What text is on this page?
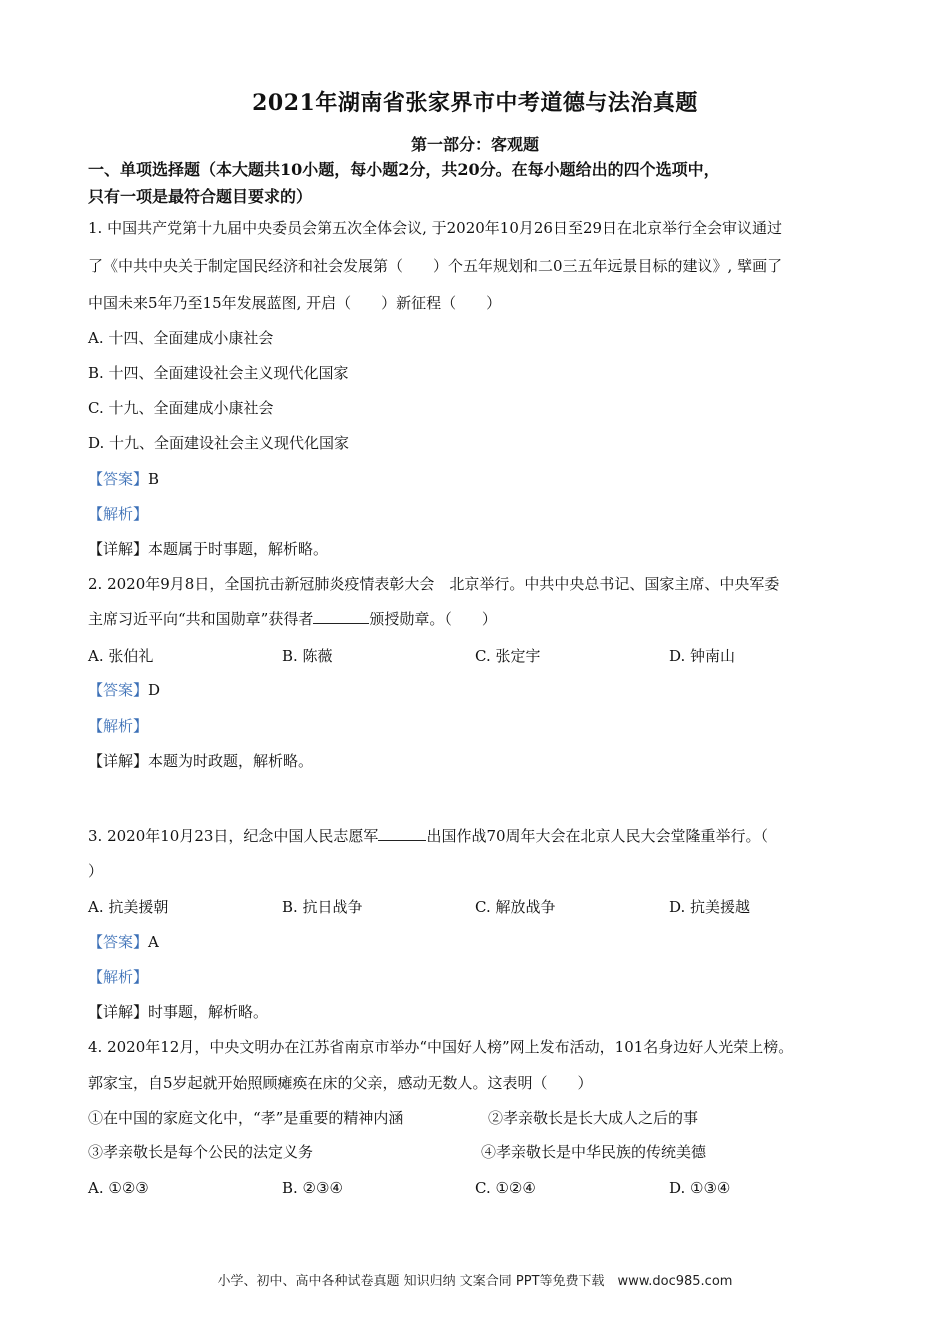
2021年湖南省张家界市中考道德与法治真题
第一部分：客观题
一、单项选择题（本大题共10小题，每小题2分，共20分。在每小题给出的四个选项中，
只有一项是最符合题目要求的）
1. 中国共产党第十九届中央委员会第五次全体会议, 于2020年10月26日至29日在北京举行全会审议通过
了《中共中央关于制定国民经济和社会发展第（　　）个五年规划和二0三五年远景目标的建议》, 擘画了
中国未来5年乃至15年发展蓝图, 开启（　　）新征程（　　）
A. 十四、全面建成小康社会
B. 十四、全面建设社会主义现代化国家
C. 十九、全面建成小康社会
D. 十九、全面建设社会主义现代化国家
【答案】B
【解析】
【详解】本题属于时事题，解析略。
2. 2020年9月8日，全国抗击新冠肺炎疫情表彰大会　北京举行。中共中央总书记、国家主席、中央军委
主席习近平向“共和国勋章”获得者	颁授勋章。（　　）
A. 张伯礼	B. 陈薇	C. 张定宇	D. 钟南山
【答案】D
【解析】
【详解】本题为时政题，解析略。
3. 2020年10月23日，纪念中国人民志愿军	出国作战70周年大会在北京人民大会堂隆重举行。（
）
A. 抗美援朝	B. 抗日战争	C. 解放战争	D. 抗美援越
【答案】A
【解析】
【详解】时事题，解析略。
4. 2020年12月，中央文明办在江苏省南京市举办“中国好人榜”网上发布活动，101名身边好人光荣上榜。
郭家宝，自5岁起就开始照顾瘫痪在床的父亲，感动无数人。这表明（　　）
①在中国的家庭文化中，“孝”是重要的精神内涵	②孝亲敬长是长大成人之后的事
③孝亲敬长是每个公民的法定义务	④孝亲敬长是中华民族的传统美德
A. ①②③	B. ②③④	C. ①②④	D. ①③④
小学、初中、高中各种试卷真题 知识归纳 文案合同 PPT等免费下载　www.doc985.com
